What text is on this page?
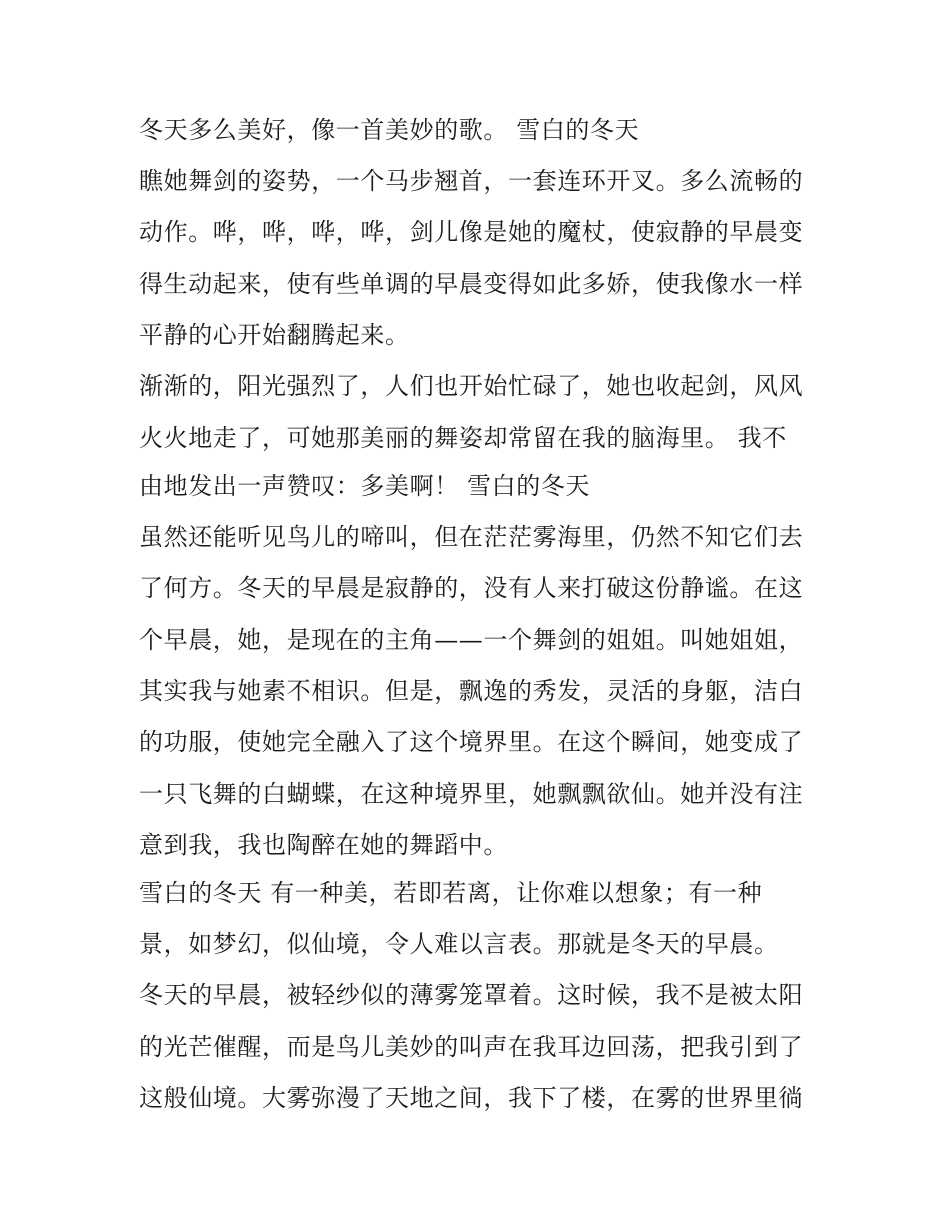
冬天多么美好，像一首美妙的歌。 雪白的冬天
瞧她舞剑的姿势，一个马步翘首，一套连环开叉。多么流畅的
动作。哗，哗，哗，哗，剑儿像是她的魔杖，使寂静的早晨变
得生动起来，使有些单调的早晨变得如此多娇，使我像水一样
平静的心开始翻腾起来。
渐渐的，阳光强烈了，人们也开始忙碌了，她也收起剑，风风
火火地走了，可她那美丽的舞姿却常留在我的脑海里。 我不
由地发出一声赞叹：多美啊！ 雪白的冬天
虽然还能听见鸟儿的啼叫，但在茫茫雾海里，仍然不知它们去
了何方。冬天的早晨是寂静的，没有人来打破这份静谧。在这
个早晨，她，是现在的主角——一个舞剑的姐姐。叫她姐姐，
其实我与她素不相识。但是，飘逸的秀发，灵活的身躯，洁白
的功服，使她完全融入了这个境界里。在这个瞬间，她变成了
一只飞舞的白蝴蝶，在这种境界里，她飘飘欲仙。她并没有注
意到我，我也陶醉在她的舞蹈中。
雪白的冬天 有一种美，若即若离，让你难以想象；有一种
景，如梦幻，似仙境，令人难以言表。那就是冬天的早晨。
冬天的早晨，被轻纱似的薄雾笼罩着。这时候，我不是被太阳
的光芒催醒，而是鸟儿美妙的叫声在我耳边回荡，把我引到了
这般仙境。大雾弥漫了天地之间，我下了楼，在雾的世界里徜
